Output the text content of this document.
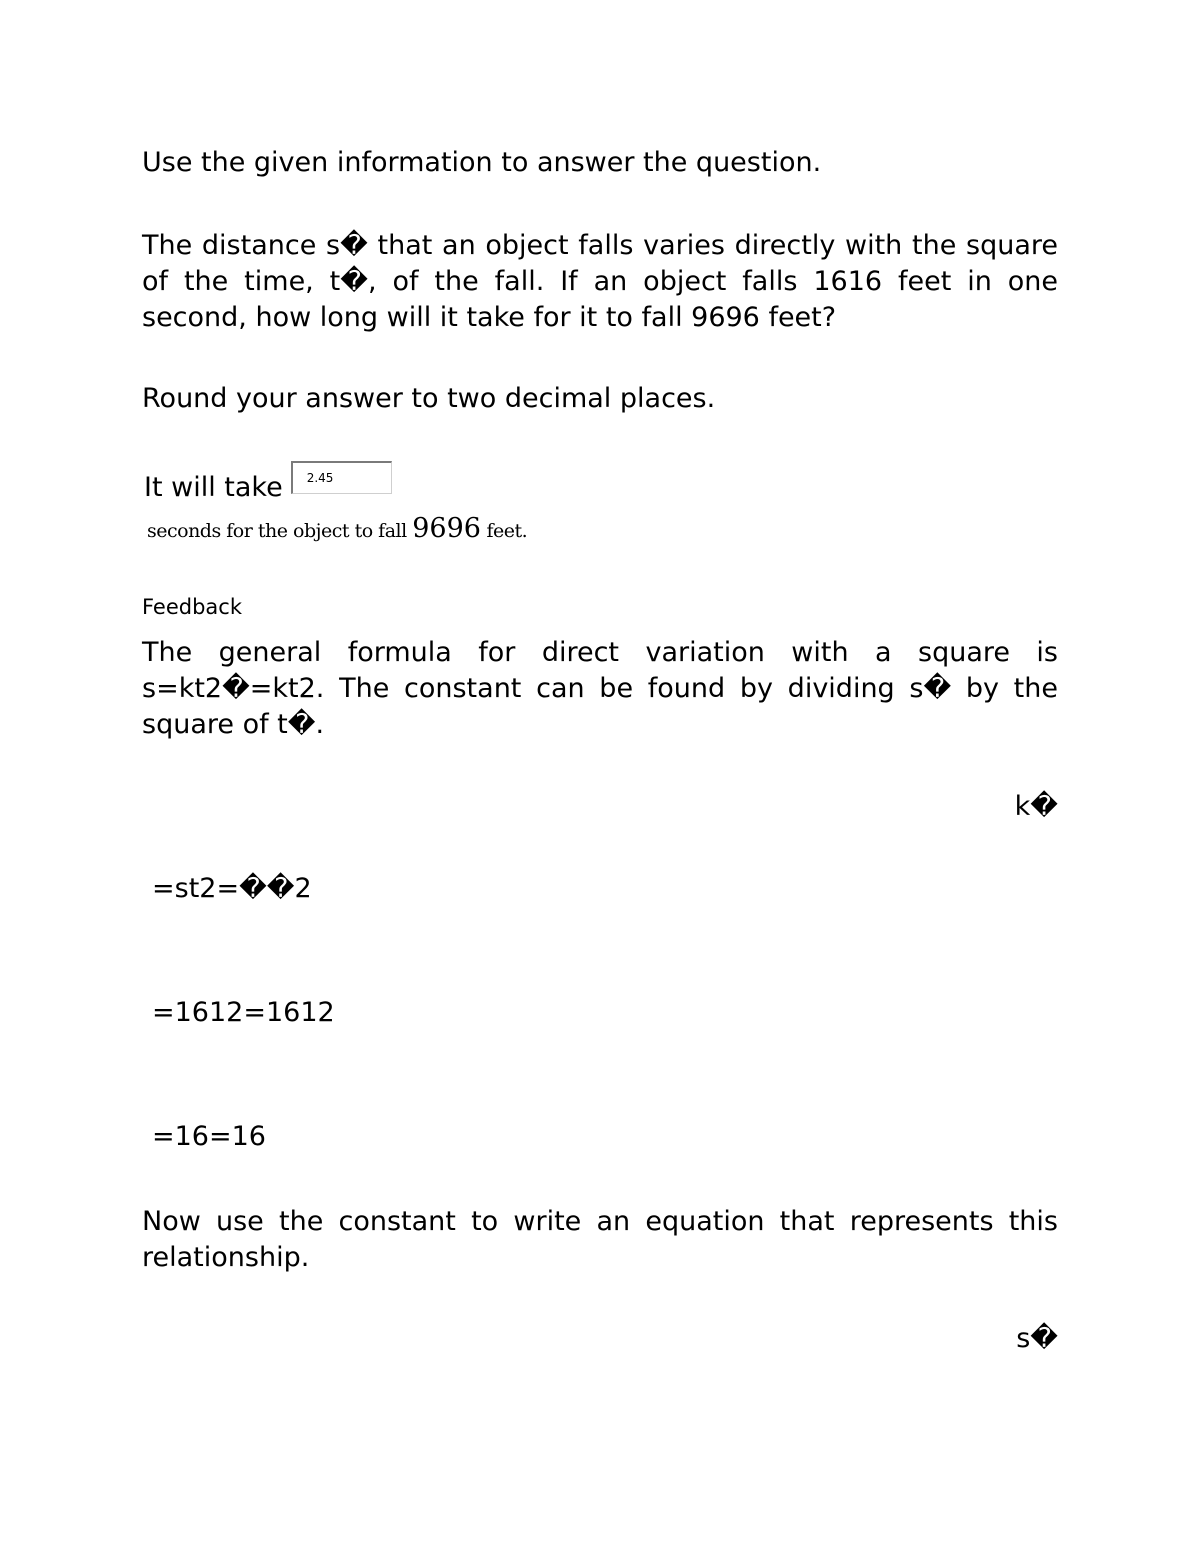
Use the given information to answer the question.

The distance s� that an object falls varies directly with the square of the time, t�, of the fall. If an object falls 1616 feet in one second, how long will it take for it to fall 9696 feet?

Round your answer to two decimal places.

It will take
2.45
seconds for the object to fall 9696 feet.
Feedback

The general formula for direct variation with a square is s=kt2�=kt2. The constant can be found by dividing s� by the square of t�.

k�
=st2=��2
=1612=1612
=16=16

Now use the constant to write an equation that represents this relationship.

s�
